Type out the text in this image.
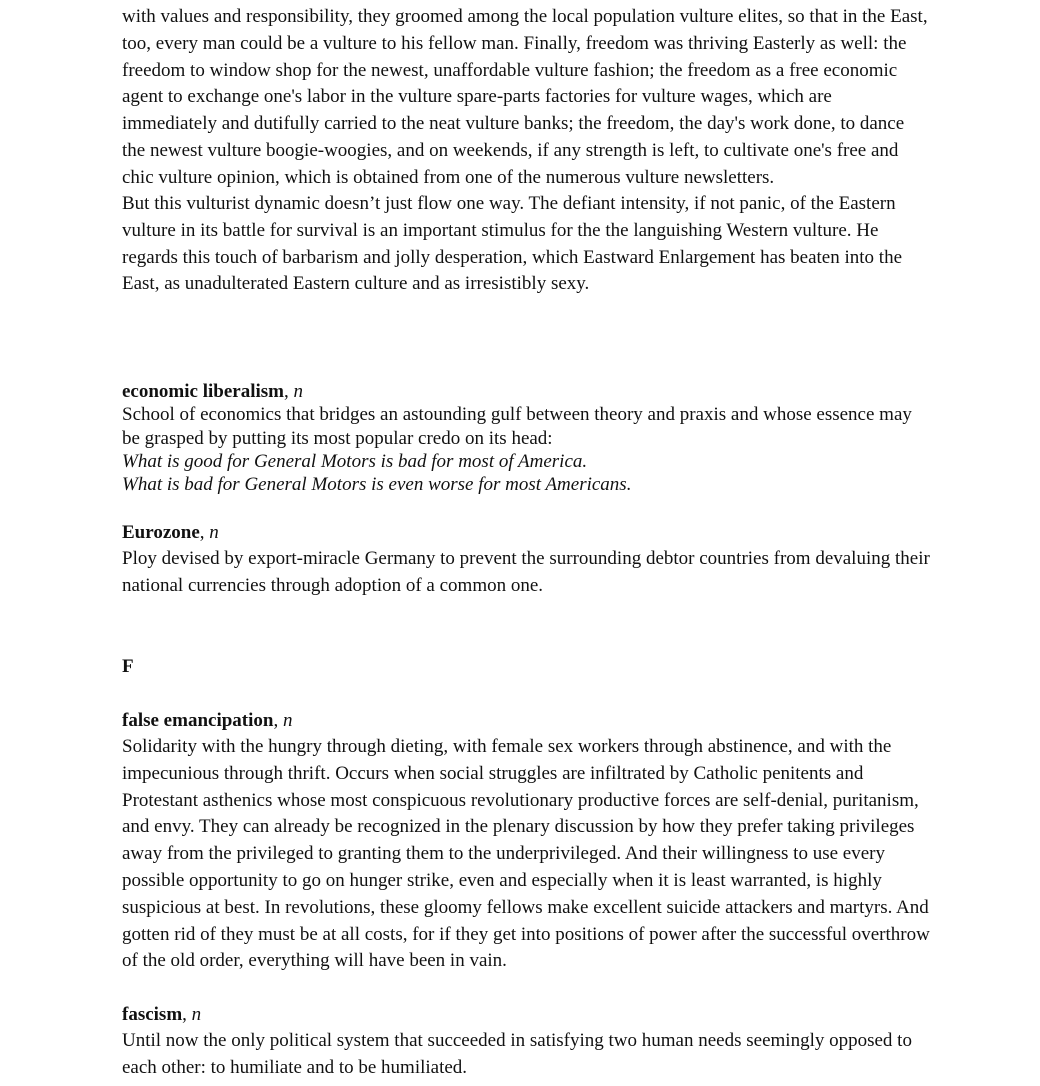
with values and responsibility, they groomed among the local population vulture elites, so that in the East,
too, every man could be a vulture to his fellow man. Finally, freedom was thriving Easterly as well: the
freedom to window shop for the newest, unaffordable vulture fashion; the freedom as a free economic
agent to exchange one's labor in the vulture spare-parts factories for vulture wages, which are
immediately and dutifully carried to the neat vulture banks; the freedom, the day's work done, to dance
the newest vulture boogie-woogies, and on weekends, if any strength is left, to cultivate one's free and
chic vulture opinion, which is obtained from one of the numerous vulture newsletters.
But this vulturist dynamic doesn’t just flow one way. The defiant intensity, if not panic, of the Eastern
vulture in its battle for survival is an important stimulus for the the languishing Western vulture. He
regards this touch of barbarism and jolly desperation, which Eastward Enlargement has beaten into the
East, as unadulterated Eastern culture and as irresistibly sexy.
economic liberalism, n
School of economics that bridges an astounding gulf between theory and praxis and whose essence may
be grasped by putting its most popular credo on its head:
What is good for General Motors is bad for most of America.
What is bad for General Motors is even worse for most Americans.
Eurozone, n
Ploy devised by export-miracle Germany to prevent the surrounding debtor countries from devaluing their
national currencies through adoption of a common one.
F
false emancipation, n
Solidarity with the hungry through dieting, with female sex workers through abstinence, and with the
impecunious through thrift. Occurs when social struggles are infiltrated by Catholic penitents and
Protestant asthenics whose most conspicuous revolutionary productive forces are self-denial, puritanism,
and envy. They can already be recognized in the plenary discussion by how they prefer taking privileges
away from the privileged to granting them to the underprivileged. And their willingness to use every
possible opportunity to go on hunger strike, even and especially when it is least warranted, is highly
suspicious at best. In revolutions, these gloomy fellows make excellent suicide attackers and martyrs. And
gotten rid of they must be at all costs, for if they get into positions of power after the successful overthrow
of the old order, everything will have been in vain.
fascism, n
Until now the only political system that succeeded in satisfying two human needs seemingly opposed to
each other: to humiliate and to be humiliated.
